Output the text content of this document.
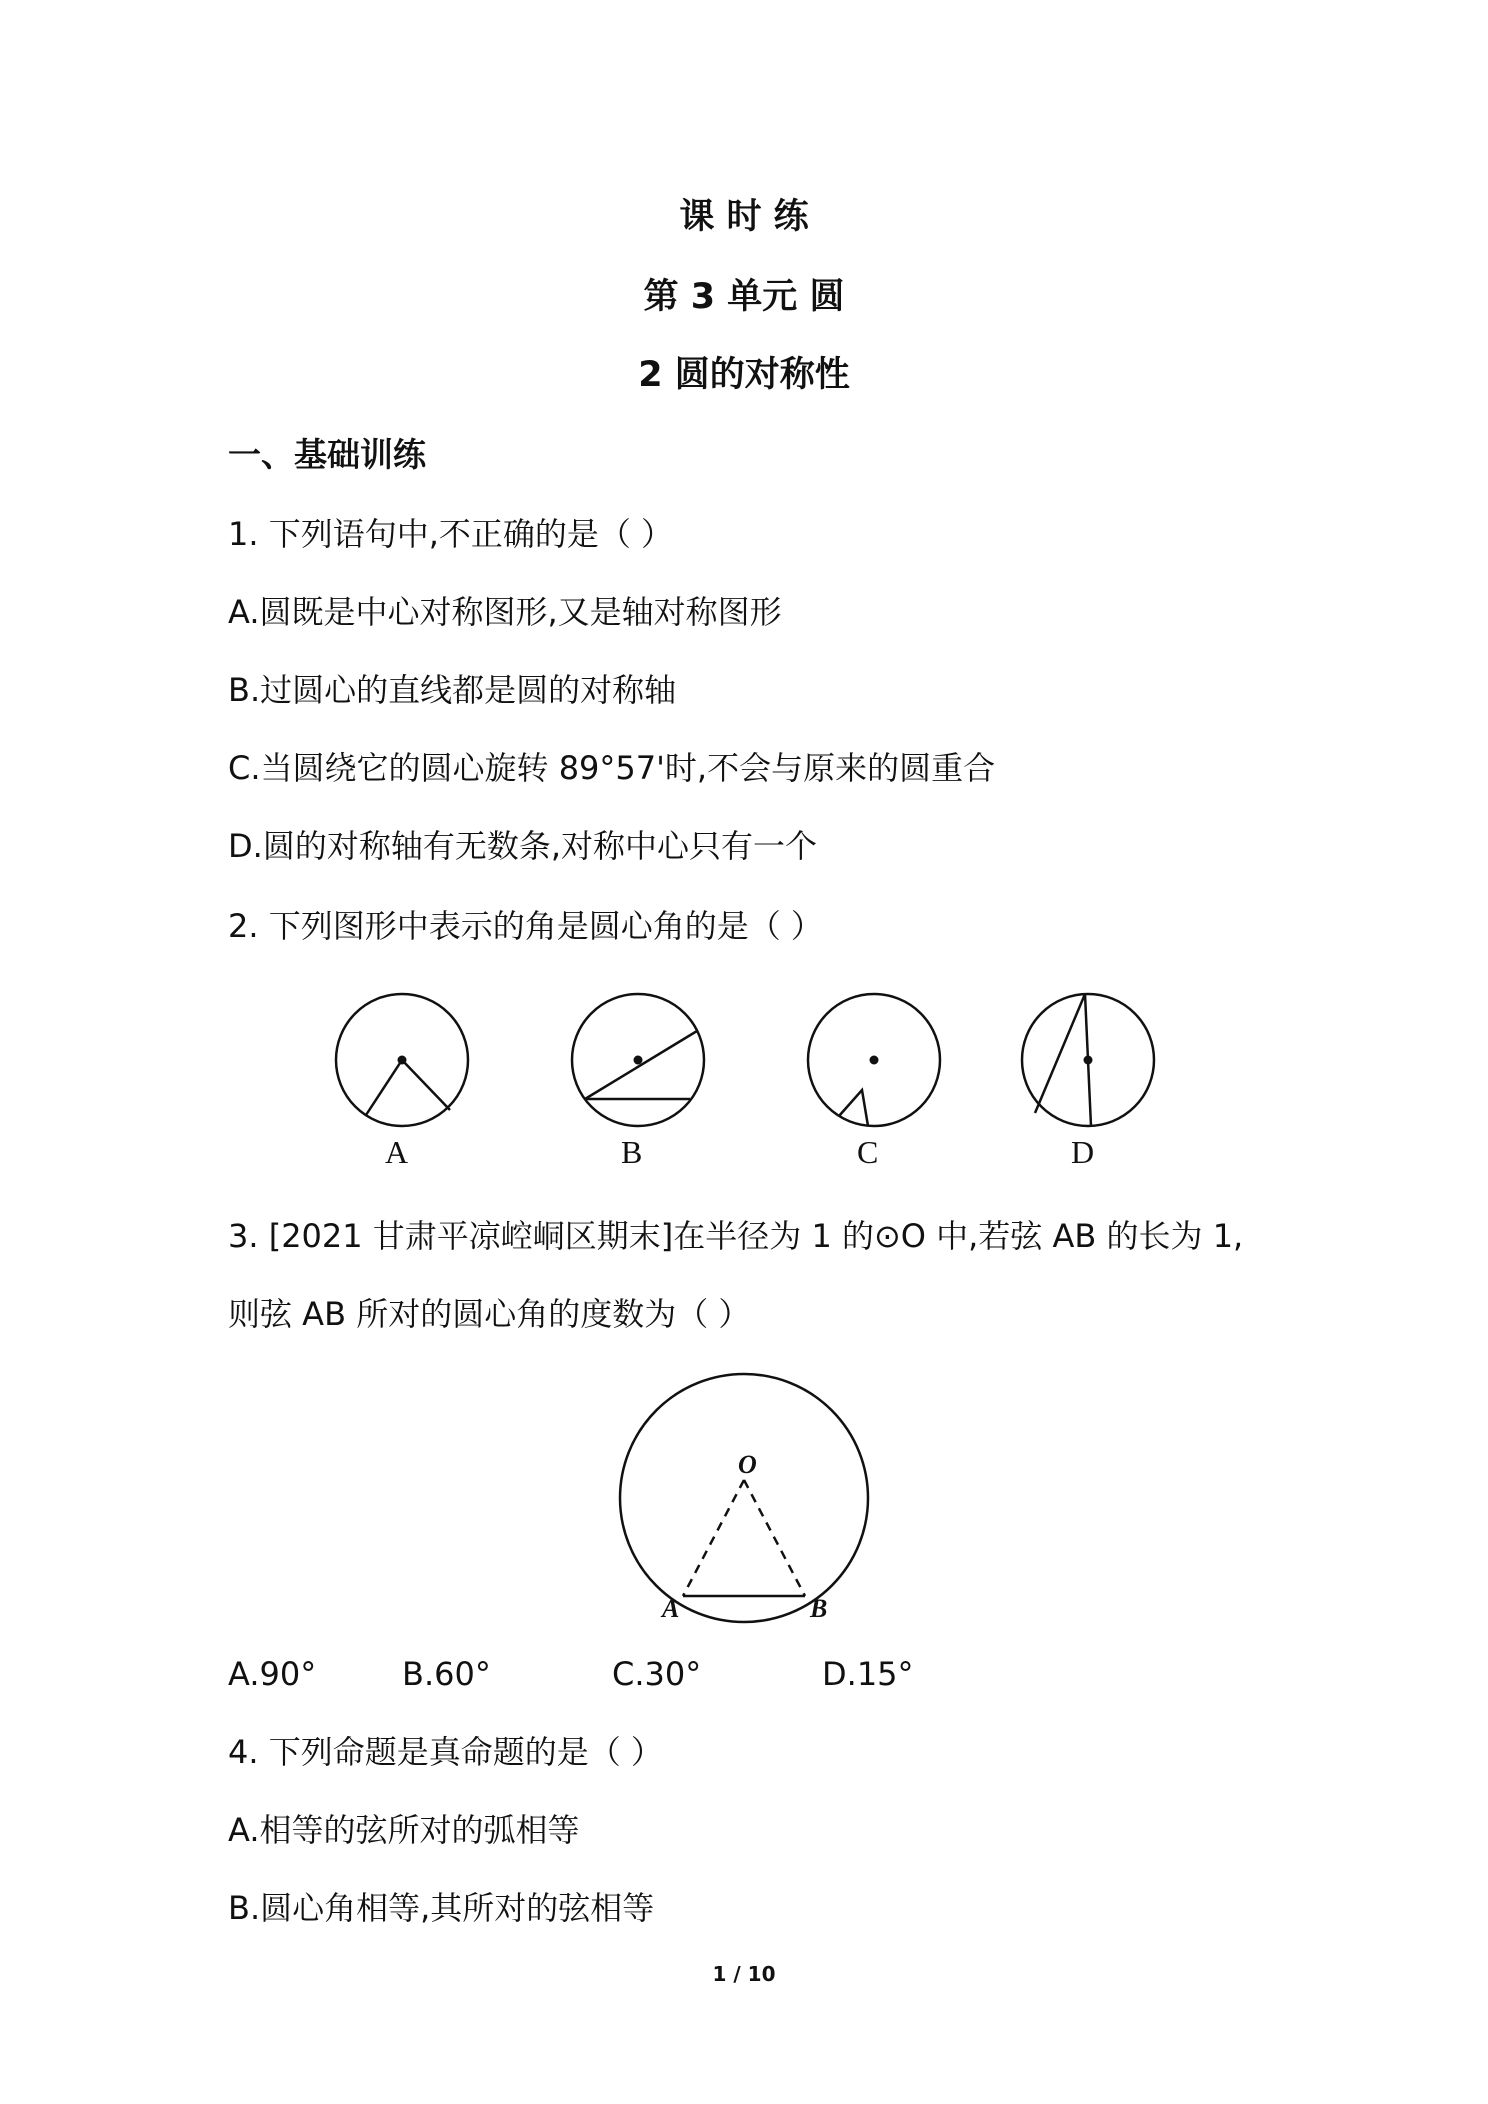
课 时 练
第 3 单元 圆
2 圆的对称性
一、基础训练
1. 下列语句中,不正确的是（ ）
A.圆既是中心对称图形,又是轴对称图形
B.过圆心的直线都是圆的对称轴
C.当圆绕它的圆心旋转 89°57'时,不会与原来的圆重合
D.圆的对称轴有无数条,对称中心只有一个
2. 下列图形中表示的角是圆心角的是（ ）
A	B	C	D
3. [2021 甘肃平凉崆峒区期末]在半径为 1 的⊙O 中,若弦 AB 的长为 1,
则弦 AB 所对的圆心角的度数为（ ）
O
A	B
A.90°	B.60°	C.30°	D.15°
4. 下列命题是真命题的是（ ）
A.相等的弦所对的弧相等
B.圆心角相等,其所对的弦相等
1 / 10
